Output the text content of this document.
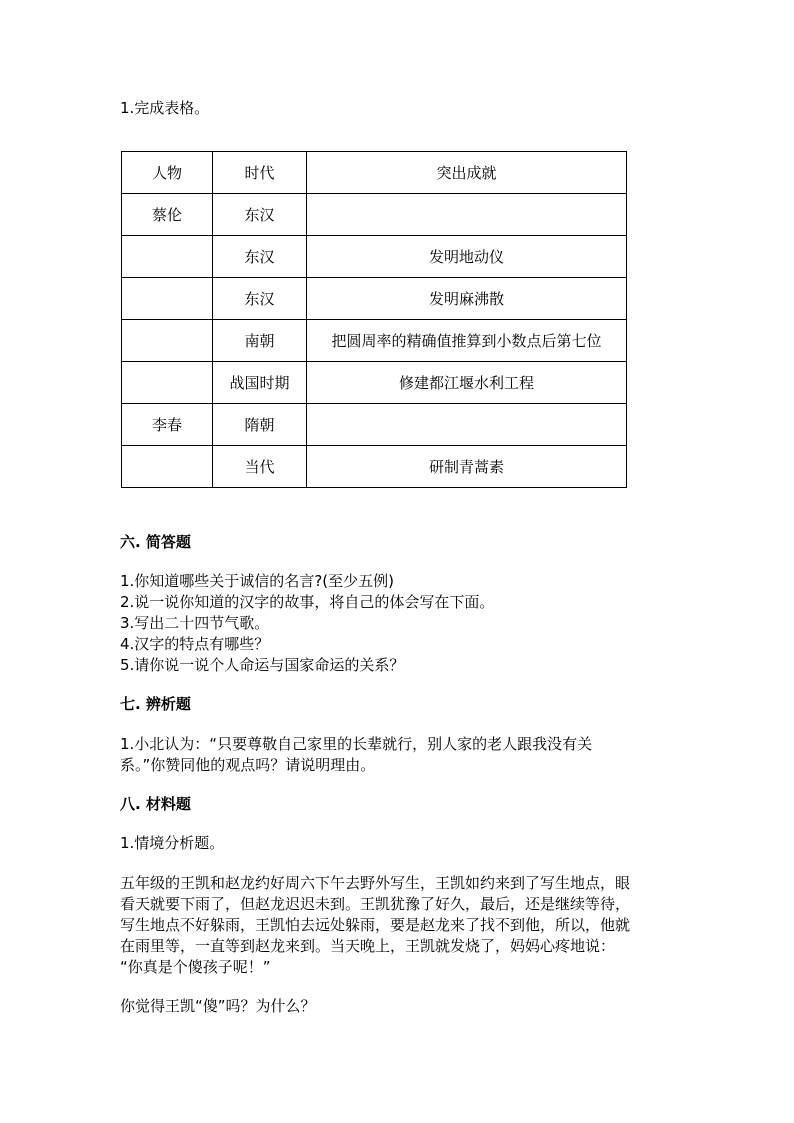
1.完成表格。
人物	时代	突出成就
蔡伦	东汉	
	东汉	发明地动仪
	东汉	发明麻沸散
	南朝	把圆周率的精确值推算到小数点后第七位
	战国时期	修建都江堰水利工程
李春	隋朝	
	当代	研制青蒿素
六. 简答题
1.你知道哪些关于诚信的名言?(至少五例)
2.说一说你知道的汉字的故事，将自己的体会写在下面。
3.写出二十四节气歌。
4.汉字的特点有哪些？
5.请你说一说个人命运与国家命运的关系？
七. 辨析题
1.小北认为：“只要尊敬自己家里的长辈就行，别人家的老人跟我没有关
系。”你赞同他的观点吗？请说明理由。
八. 材料题
1.情境分析题。
五年级的王凯和赵龙约好周六下午去野外写生，王凯如约来到了写生地点，眼
看天就要下雨了，但赵龙迟迟未到。王凯犹豫了好久，最后，还是继续等待，
写生地点不好躲雨，王凯怕去远处躲雨，要是赵龙来了找不到他，所以，他就
在雨里等，一直等到赵龙来到。当天晚上，王凯就发烧了，妈妈心疼地说：
“你真是个傻孩子呢！”
你觉得王凯“傻”吗？为什么？
